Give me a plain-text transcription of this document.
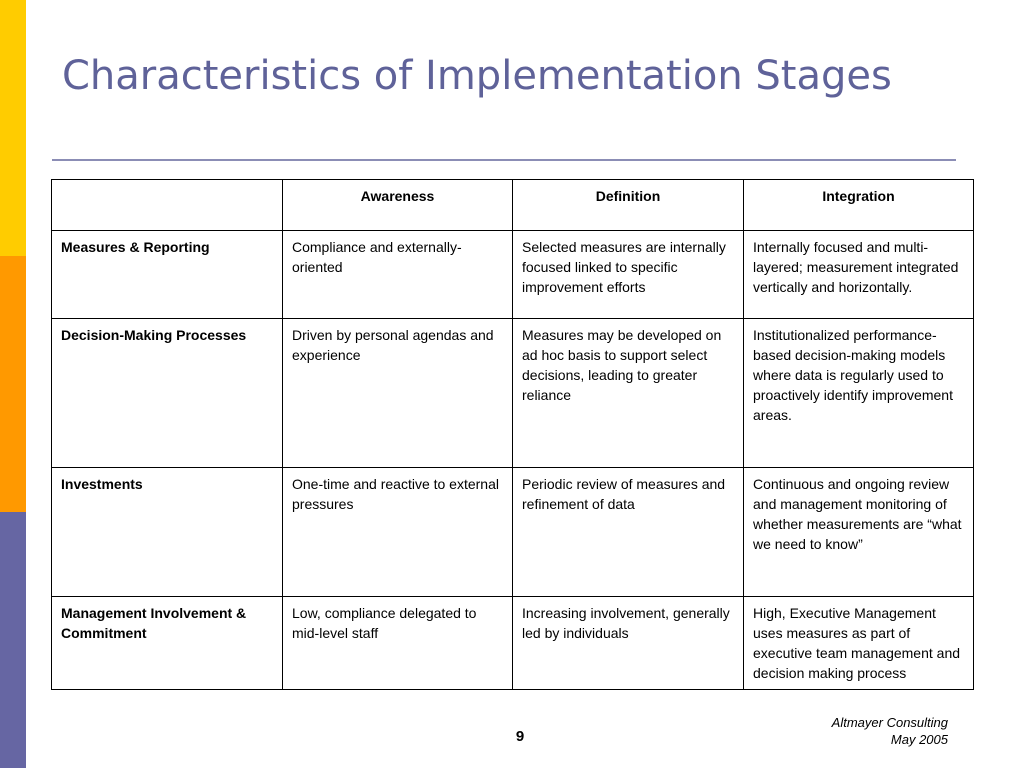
Characteristics of Implementation Stages
	Awareness	Definition	Integration
Measures & Reporting	Compliance and externally-oriented	Selected measures are internally focused linked to specific improvement efforts	Internally focused and multi-layered; measurement integrated vertically and horizontally.
Decision-Making Processes	Driven by personal agendas and experience	Measures may be developed on ad hoc basis to support select decisions, leading to greater reliance	Institutionalized performance-based decision-making models where data is regularly used to proactively identify improvement areas.
Investments	One-time and reactive to external pressures	Periodic review of measures and refinement of data	Continuous and ongoing review and management monitoring of whether measurements are “what we need to know”
Management Involvement & Commitment	Low, compliance delegated to mid-level staff	Increasing involvement, generally led by individuals	High, Executive Management uses measures as part of executive team management and decision making process
9
Altmayer Consulting
May 2005
